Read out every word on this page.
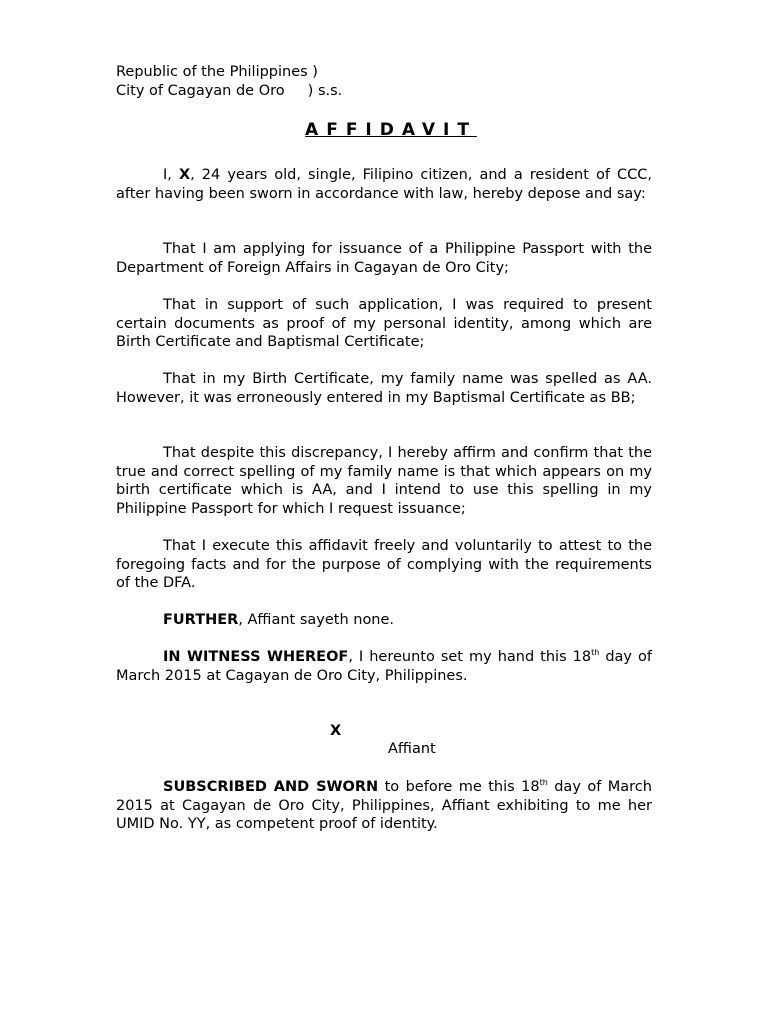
Republic of the Philippines )
City of Cagayan de Oro     ) s.s.
AFFIDAVIT
I, X, 24 years old, single, Filipino citizen, and a resident of CCC, after having been sworn in accordance with law, hereby depose and say:
That I am applying for issuance of a Philippine Passport with the Department of Foreign Affairs in Cagayan de Oro City;
That in support of such application, I was required to present certain documents as proof of my personal identity, among which are Birth Certificate and Baptismal Certificate;
That in my Birth Certificate, my family name was spelled as AA. However, it was erroneously entered in my Baptismal Certificate as BB;
That despite this discrepancy, I hereby affirm and confirm that the true and correct spelling of my family name is that which appears on my birth certificate which is AA, and I intend to use this spelling in my Philippine Passport for which I request issuance;
That I execute this affidavit freely and voluntarily to attest to the foregoing facts and for the purpose of complying with the requirements of the DFA.
FURTHER, Affiant sayeth none.
IN WITNESS WHEREOF, I hereunto set my hand this 18th day of March 2015 at Cagayan de Oro City, Philippines.
X
Affiant
SUBSCRIBED AND SWORN to before me this 18th day of March 2015 at Cagayan de Oro City, Philippines, Affiant exhibiting to me her UMID No. YY, as competent proof of identity.
